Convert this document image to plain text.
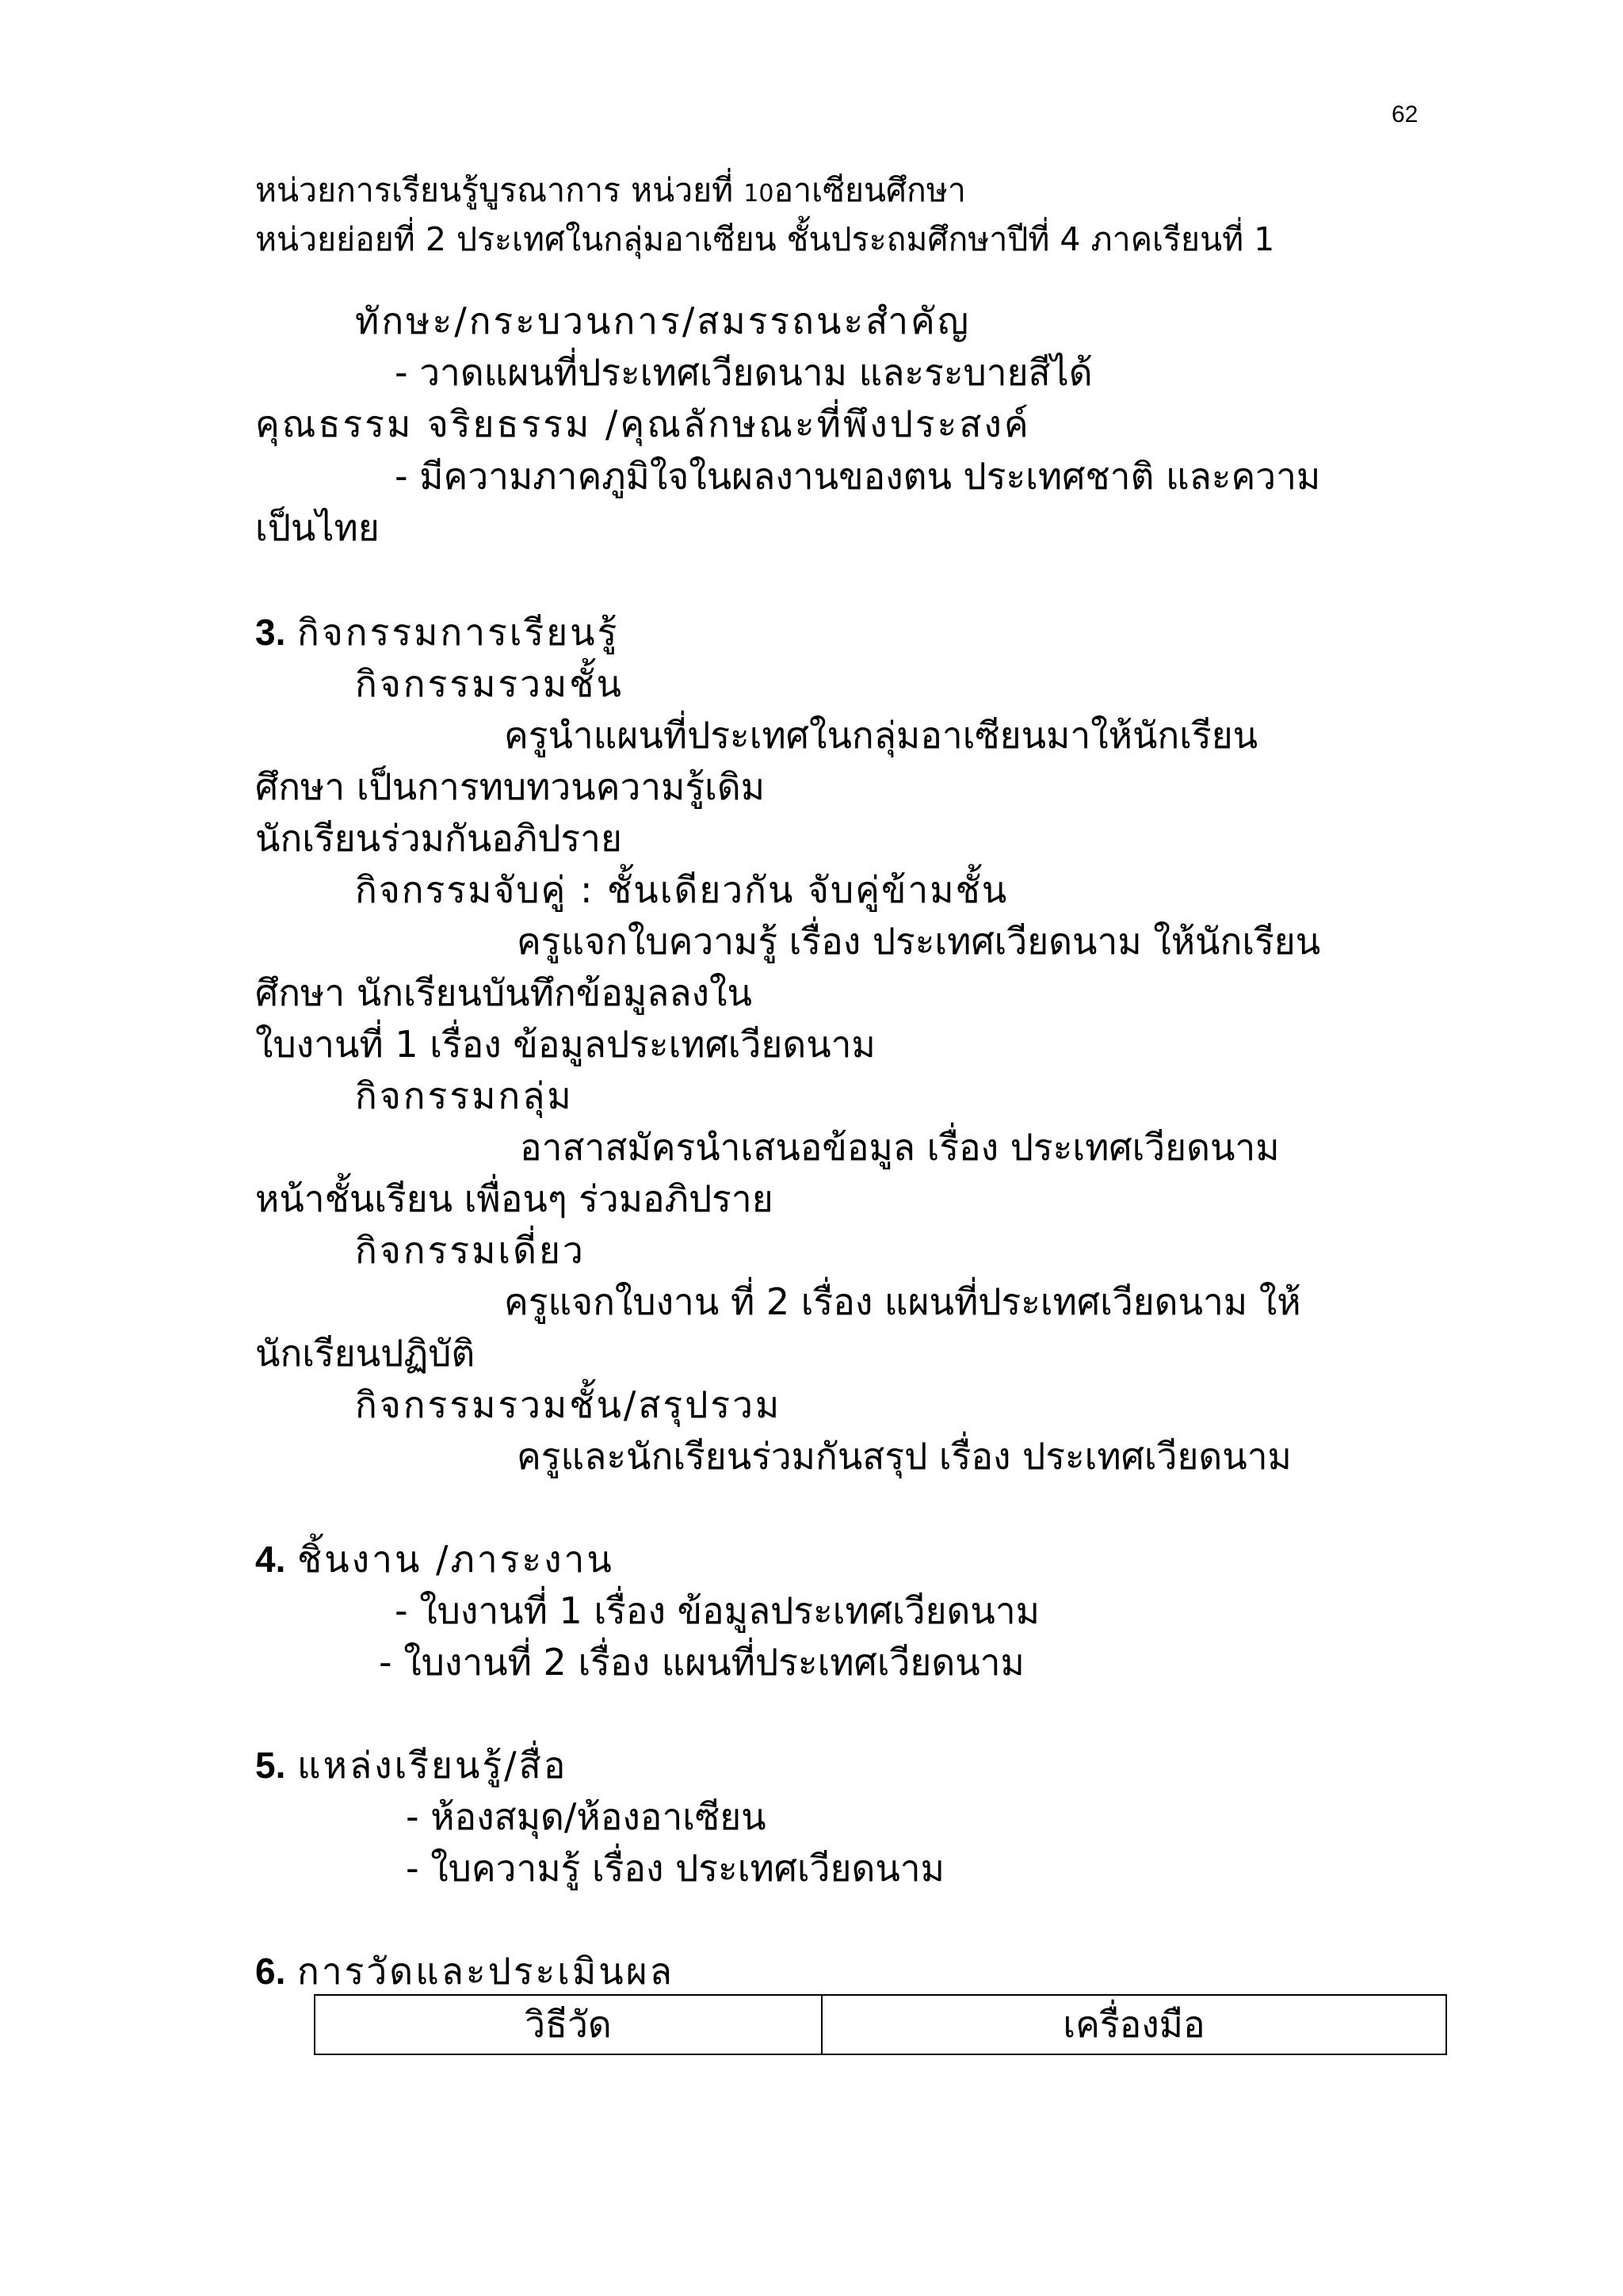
62
หน่วยการเรียนรู้บูรณาการ หน่วยที่ 10อาเซียนศึกษา
หน่วยย่อยที่ 2 ประเทศในกลุ่มอาเซียน ชั้นประถมศึกษาปีที่ 4 ภาคเรียนที่ 1
ทักษะ/กระบวนการ/สมรรถนะสำคัญ
- วาดแผนที่ประเทศเวียดนาม และระบายสีได้
คุณธรรม จริยธรรม /คุณลักษณะที่พึงประสงค์
- มีความภาคภูมิใจในผลงานของตน ประเทศชาติ และความ
เป็นไทย
3. กิจกรรมการเรียนรู้
กิจกรรมรวมชั้น
ครูนำแผนที่ประเทศในกลุ่มอาเซียนมาให้นักเรียน
ศึกษา เป็นการทบทวนความรู้เดิม
นักเรียนร่วมกันอภิปราย
กิจกรรมจับคู่ : ชั้นเดียวกัน จับคู่ข้ามชั้น
ครูแจกใบความรู้ เรื่อง ประเทศเวียดนาม ให้นักเรียน
ศึกษา นักเรียนบันทึกข้อมูลลงใน
ใบงานที่ 1 เรื่อง ข้อมูลประเทศเวียดนาม
กิจกรรมกลุ่ม
อาสาสมัครนำเสนอข้อมูล เรื่อง ประเทศเวียดนาม
หน้าชั้นเรียน เพื่อนๆ ร่วมอภิปราย
กิจกรรมเดี่ยว
ครูแจกใบงาน ที่ 2 เรื่อง แผนที่ประเทศเวียดนาม ให้
นักเรียนปฏิบัติ
กิจกรรมรวมชั้น/สรุปรวม
ครูและนักเรียนร่วมกันสรุป เรื่อง ประเทศเวียดนาม
4. ชิ้นงาน /ภาระงาน
- ใบงานที่ 1 เรื่อง ข้อมูลประเทศเวียดนาม
- ใบงานที่ 2 เรื่อง แผนที่ประเทศเวียดนาม
5. แหล่งเรียนรู้/สื่อ
- ห้องสมุด/ห้องอาเซียน
- ใบความรู้ เรื่อง ประเทศเวียดนาม
6. การวัดและประเมินผล
วิธีวัด	เครื่องมือ
